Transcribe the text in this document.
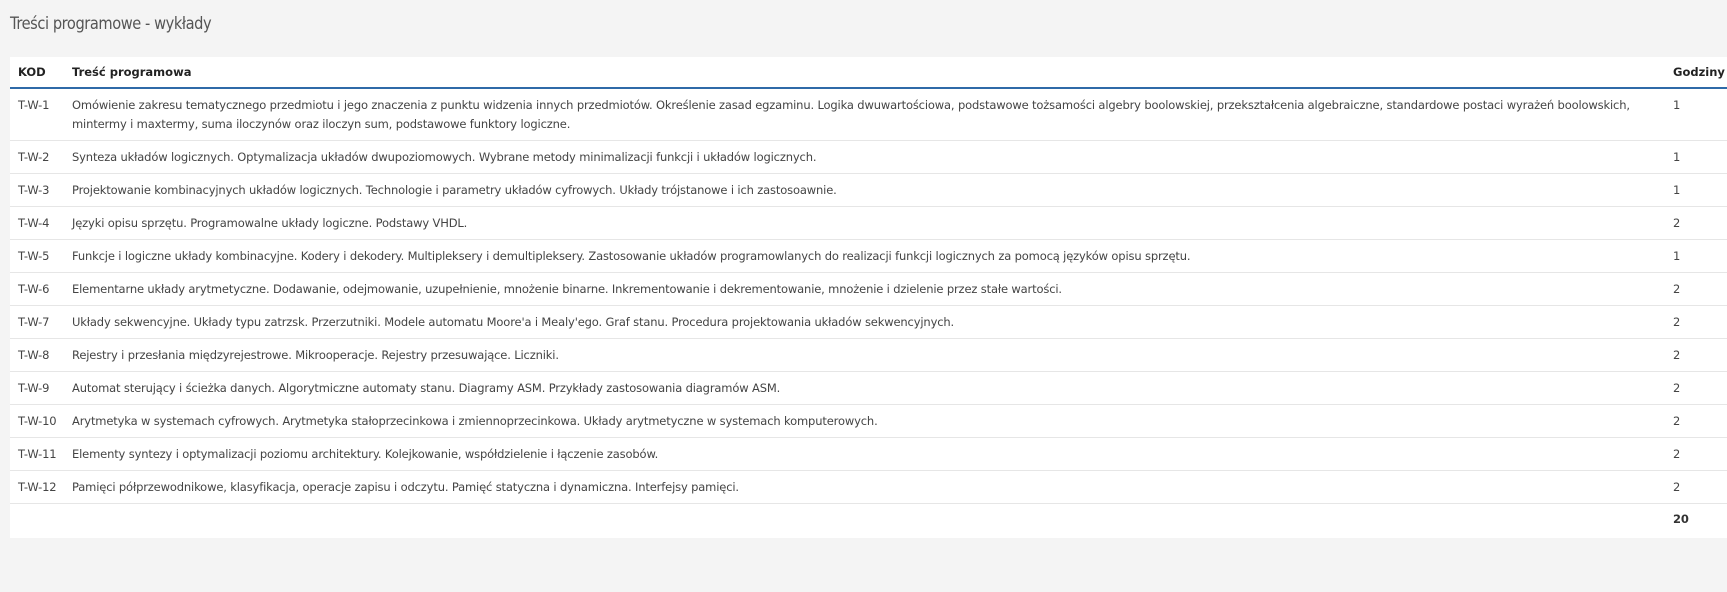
Treści programowe - wykłady
KOD	Treść programowa	Godziny
T-W-1	Omówienie zakresu tematycznego przedmiotu i jego znaczenia z punktu widzenia innych przedmiotów. Określenie zasad egzaminu. Logika dwuwartościowa, podstawowe tożsamości algebry boolowskiej, przekształcenia algebraiczne, standardowe postaci wyrażeń boolowskich, mintermy i maxtermy, suma iloczynów oraz iloczyn sum, podstawowe funktory logiczne.	1
T-W-2	Synteza układów logicznych. Optymalizacja układów dwupoziomowych. Wybrane metody minimalizacji funkcji i układów logicznych.	1
T-W-3	Projektowanie kombinacyjnych układów logicznych. Technologie i parametry układów cyfrowych. Układy trójstanowe i ich zastosoawnie.	1
T-W-4	Języki opisu sprzętu. Programowalne układy logiczne. Podstawy VHDL.	2
T-W-5	Funkcje i logiczne układy kombinacyjne. Kodery i dekodery. Multipleksery i demultipleksery. Zastosowanie układów programowlanych do realizacji funkcji logicznych za pomocą języków opisu sprzętu.	1
T-W-6	Elementarne układy arytmetyczne. Dodawanie, odejmowanie, uzupełnienie, mnożenie binarne. Inkrementowanie i dekrementowanie, mnożenie i dzielenie przez stałe wartości.	2
T-W-7	Układy sekwencyjne. Układy typu zatrzsk. Przerzutniki. Modele automatu Moore'a i Mealy'ego. Graf stanu. Procedura projektowania układów sekwencyjnych.	2
T-W-8	Rejestry i przesłania międzyrejestrowe. Mikrooperacje. Rejestry przesuwające. Liczniki.	2
T-W-9	Automat sterujący i ścieżka danych. Algorytmiczne automaty stanu. Diagramy ASM. Przykłady zastosowania diagramów ASM.	2
T-W-10	Arytmetyka w systemach cyfrowych. Arytmetyka stałoprzecinkowa i zmiennoprzecinkowa. Układy arytmetyczne w systemach komputerowych.	2
T-W-11	Elementy syntezy i optymalizacji poziomu architektury. Kolejkowanie, współdzielenie i łączenie zasobów.	2
T-W-12	Pamięci półprzewodnikowe, klasyfikacja, operacje zapisu i odczytu. Pamięć statyczna i dynamiczna. Interfejsy pamięci.	2
		20
